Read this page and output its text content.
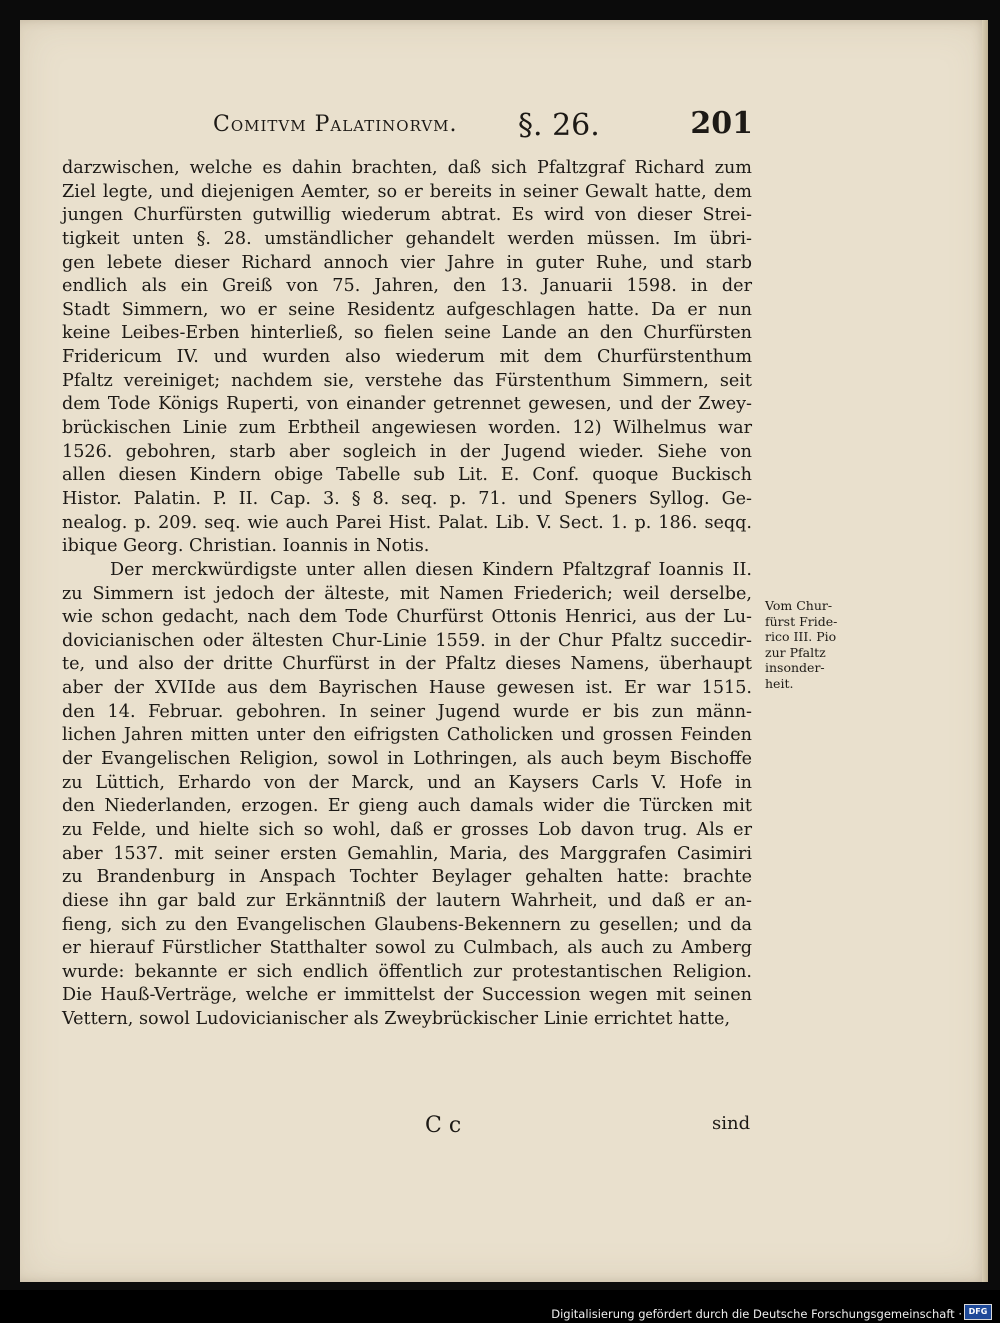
Comitvm Palatinorvm. §. 26.	201
darzwischen, welche es dahin brachten, daß sich Pfaltzgraf Richard zum
Ziel legte, und diejenigen Aemter, so er bereits in seiner Gewalt hatte, dem
jungen Churfürsten gutwillig wiederum abtrat. Es wird von dieser Strei-
tigkeit unten §. 28. umständlicher gehandelt werden müssen. Im übri-
gen lebete dieser Richard annoch vier Jahre in guter Ruhe, und starb
endlich als ein Greiß von 75. Jahren, den 13. Januarii 1598. in der
Stadt Simmern, wo er seine Residentz aufgeschlagen hatte. Da er nun
keine Leibes-Erben hinterließ, so fielen seine Lande an den Churfürsten
Fridericum IV. und wurden also wiederum mit dem Churfürstenthum
Pfaltz vereiniget; nachdem sie, verstehe das Fürstenthum Simmern, seit
dem Tode Königs Ruperti, von einander getrennet gewesen, und der Zwey-
brückischen Linie zum Erbtheil angewiesen worden. 12) Wilhelmus war
1526. gebohren, starb aber sogleich in der Jugend wieder. Siehe von
allen diesen Kindern obige Tabelle sub Lit. E. Conf. quoque Buckisch
Histor. Palatin. P. II. Cap. 3. § 8. seq. p. 71. und Speners Syllog. Ge-
nealog. p. 209. seq. wie auch Parei Hist. Palat. Lib. V. Sect. 1. p. 186. seqq.
ibique Georg. Christian. Ioannis in Notis.
Der merckwürdigste unter allen diesen Kindern Pfaltzgraf Ioannis II.
zu Simmern ist jedoch der älteste, mit Namen Friederich; weil derselbe,
wie schon gedacht, nach dem Tode Churfürst Ottonis Henrici, aus der Lu-
dovicianischen oder ältesten Chur-Linie 1559. in der Chur Pfaltz succedir-
te, und also der dritte Churfürst in der Pfaltz dieses Namens, überhaupt
aber der XVIIde aus dem Bayrischen Hause gewesen ist. Er war 1515.
den 14. Februar. gebohren. In seiner Jugend wurde er bis zun männ-
lichen Jahren mitten unter den eifrigsten Catholicken und grossen Feinden
der Evangelischen Religion, sowol in Lothringen, als auch beym Bischoffe
zu Lüttich, Erhardo von der Marck, und an Kaysers Carls V. Hofe in
den Niederlanden, erzogen. Er gieng auch damals wider die Türcken mit
zu Felde, und hielte sich so wohl, daß er grosses Lob davon trug. Als er
aber 1537. mit seiner ersten Gemahlin, Maria, des Marggrafen Casimiri
zu Brandenburg in Anspach Tochter Beylager gehalten hatte: brachte
diese ihn gar bald zur Erkänntniß der lautern Wahrheit, und daß er an-
fieng, sich zu den Evangelischen Glaubens-Bekennern zu gesellen; und da
er hierauf Fürstlicher Statthalter sowol zu Culmbach, als auch zu Amberg
wurde: bekannte er sich endlich öffentlich zur protestantischen Religion.
Die Hauß-Verträge, welche er immittelst der Succession wegen mit seinen
Vettern, sowol Ludovicianischer als Zweybrückischer Linie errichtet hatte,
Vom Chur-
fürst Fride-
rico III. Pio
zur Pfaltz
insonder-
heit.
C c	sind
Digitalisierung gefördert durch die Deutsche Forschungsgemeinschaft · DFG
